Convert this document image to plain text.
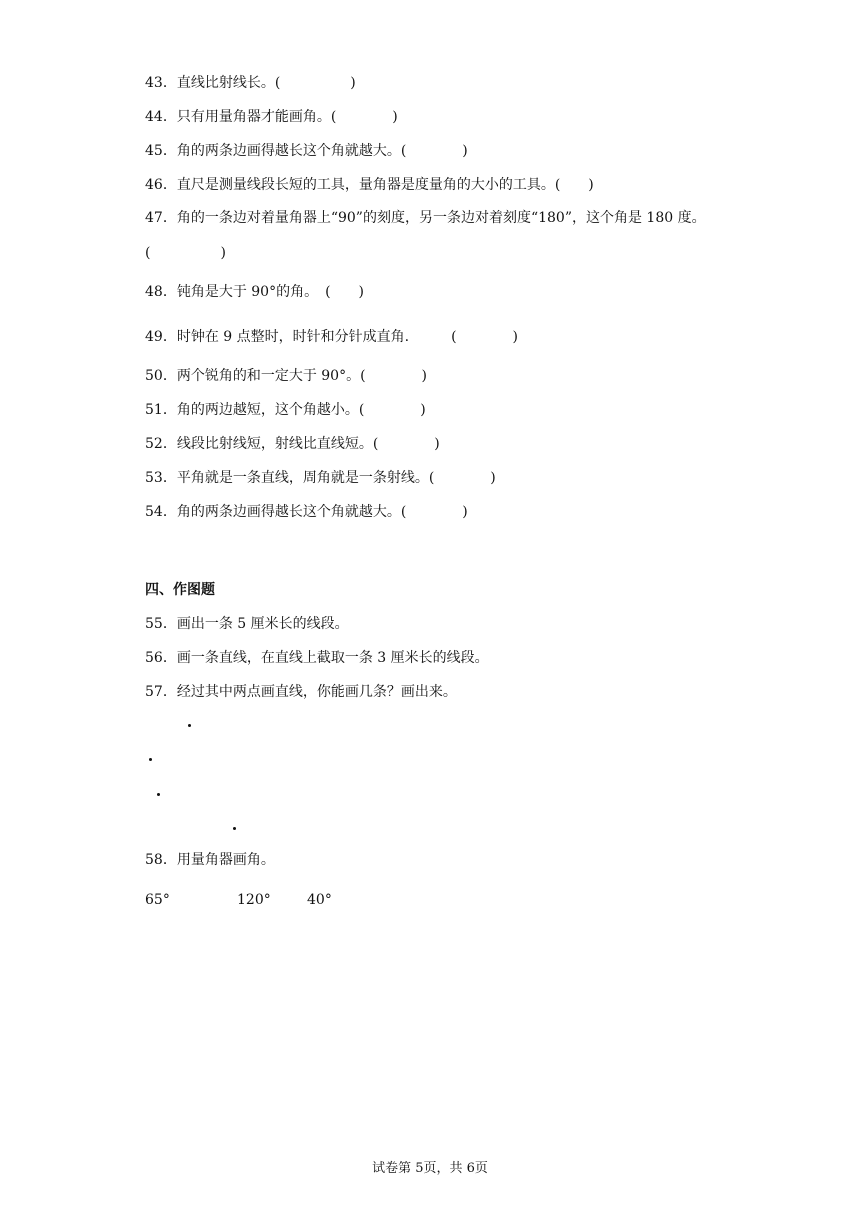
43．直线比射线长。(　　　　　)
44．只有用量角器才能画角。(　　　　)
45．角的两条边画得越长这个角就越大。(　　　　)
46．直尺是测量线段长短的工具，量角器是度量角的大小的工具。(　　)
47．角的一条边对着量角器上“90”的刻度，另一条边对着刻度“180”，这个角是 180 度。
(　　　　　)
48．钝角是大于 90°的角。　(　　)
49．时钟在 9 点整时，时针和分针成直角.　　　(　　　　)
50．两个锐角的和一定大于 90°。(　　　　)
51．角的两边越短，这个角越小。(　　　　)
52．线段比射线短，射线比直线短。(　　　　)
53．平角就是一条直线，周角就是一条射线。(　　　　)
54．角的两条边画得越长这个角就越大。(　　　　)
四、作图题
55．画出一条 5 厘米长的线段。
56．画一条直线，在直线上截取一条 3 厘米长的线段。
57．经过其中两点画直线，你能画几条？画出来。
58．用量角器画角。
65°	120°	40°
试卷第 5页，共 6页
